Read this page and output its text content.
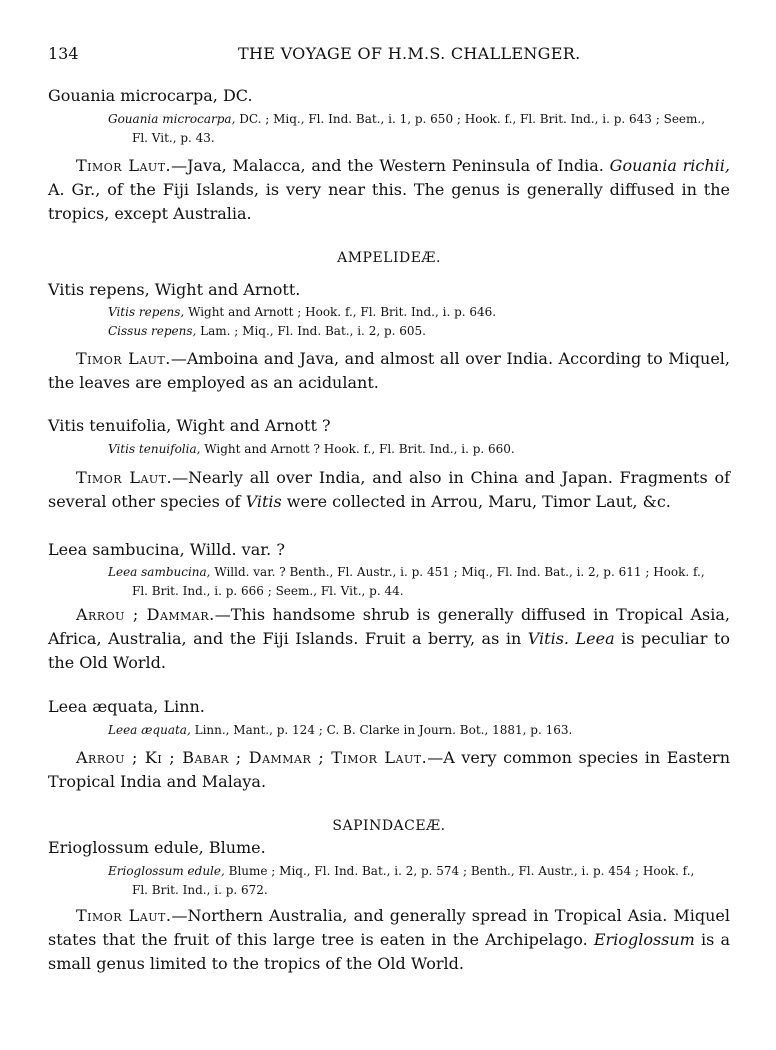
134	THE VOYAGE OF H.M.S. CHALLENGER.
Gouania microcarpa, DC.
Gouania microcarpa, DC. ; Miq., Fl. Ind. Bat., i. 1, p. 650 ; Hook. f., Fl. Brit. Ind., i. p. 643 ; Seem.,
Fl. Vit., p. 43.
Timor Laut.—Java, Malacca, and the Western Peninsula of India. Gouania richii, A. Gr., of the Fiji Islands, is very near this. The genus is generally diffused in the tropics, except Australia.
AMPELIDEÆ.
Vitis repens, Wight and Arnott.
Vitis repens, Wight and Arnott ; Hook. f., Fl. Brit. Ind., i. p. 646.
Cissus repens, Lam. ; Miq., Fl. Ind. Bat., i. 2, p. 605.
Timor Laut.—Amboina and Java, and almost all over India. According to Miquel, the leaves are employed as an acidulant.
Vitis tenuifolia, Wight and Arnott ?
Vitis tenuifolia, Wight and Arnott ? Hook. f., Fl. Brit. Ind., i. p. 660.
Timor Laut.—Nearly all over India, and also in China and Japan. Fragments of several other species of Vitis were collected in Arrou, Maru, Timor Laut, &c.
Leea sambucina, Willd. var. ?
Leea sambucina, Willd. var. ? Benth., Fl. Austr., i. p. 451 ; Miq., Fl. Ind. Bat., i. 2, p. 611 ; Hook. f.,
Fl. Brit. Ind., i. p. 666 ; Seem., Fl. Vit., p. 44.
Arrou ; Dammar.—This handsome shrub is generally diffused in Tropical Asia, Africa, Australia, and the Fiji Islands. Fruit a berry, as in Vitis. Leea is peculiar to the Old World.
Leea æquata, Linn.
Leea æquata, Linn., Mant., p. 124 ; C. B. Clarke in Journ. Bot., 1881, p. 163.
Arrou ; Ki ; Babar ; Dammar ; Timor Laut.—A very common species in Eastern Tropical India and Malaya.
SAPINDACEÆ.
Erioglossum edule, Blume.
Erioglossum edule, Blume ; Miq., Fl. Ind. Bat., i. 2, p. 574 ; Benth., Fl. Austr., i. p. 454 ; Hook. f.,
Fl. Brit. Ind., i. p. 672.
Timor Laut.—Northern Australia, and generally spread in Tropical Asia. Miquel states that the fruit of this large tree is eaten in the Archipelago. Erioglossum is a small genus limited to the tropics of the Old World.
